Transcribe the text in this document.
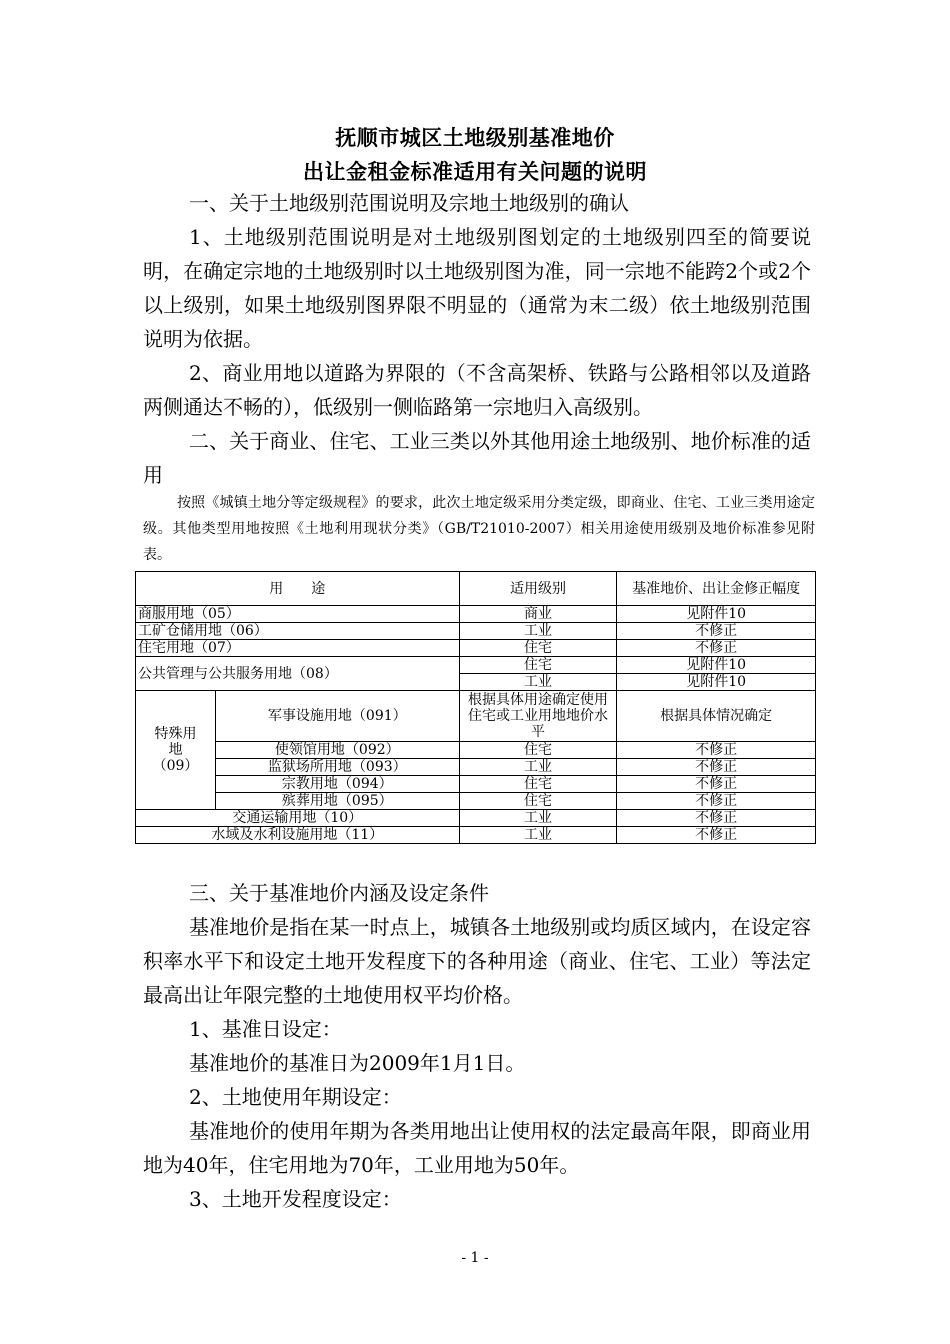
抚顺市城区土地级别基准地价
出让金租金标准适用有关问题的说明

一、关于土地级别范围说明及宗地土地级别的确认

1、土地级别范围说明是对土地级别图划定的土地级别四至的简要说明，在确定宗地的土地级别时以土地级别图为准，同一宗地不能跨2个或2个以上级别，如果土地级别图界限不明显的（通常为末二级）依土地级别范围说明为依据。

2、商业用地以道路为界限的（不含高架桥、铁路与公路相邻以及道路两侧通达不畅的），低级别一侧临路第一宗地归入高级别。

二、关于商业、住宅、工业三类以外其他用途土地级别、地价标准的适用

按照《城镇土地分等定级规程》的要求，此次土地定级采用分类定级，即商业、住宅、工业三类用途定级。其他类型用地按照《土地利用现状分类》（GB/T21010-2007）相关用途使用级别及地价标准参见附表。

用　　途		适用级别	基准地价、出让金修正幅度
商服用地（05）		商业	见附件10
工矿仓储用地（06）		工业	不修正
住宅用地（07）		住宅	不修正
公共管理与公共服务用地（08）		住宅	见附件10
		工业	见附件10
特殊用地（09）	军事设施用地（091）	根据具体用途确定使用住宅或工业用地地价水平	根据具体情况确定
	使领馆用地（092）	住宅	不修正
	监狱场所用地（093）	工业	不修正
	宗教用地（094）	住宅	不修正
	殡葬用地（095）	住宅	不修正
交通运输用地（10）		工业	不修正
水域及水利设施用地（11）		工业	不修正

三、关于基准地价内涵及设定条件

基准地价是指在某一时点上，城镇各土地级别或均质区域内，在设定容积率水平下和设定土地开发程度下的各种用途（商业、住宅、工业）等法定最高出让年限完整的土地使用权平均价格。

1、基准日设定：

基准地价的基准日为2009年1月1日。

2、土地使用年期设定：

基准地价的使用年期为各类用地出让使用权的法定最高年限，即商业用地为40年，住宅用地为70年，工业用地为50年。

3、土地开发程度设定：

- 1 -
